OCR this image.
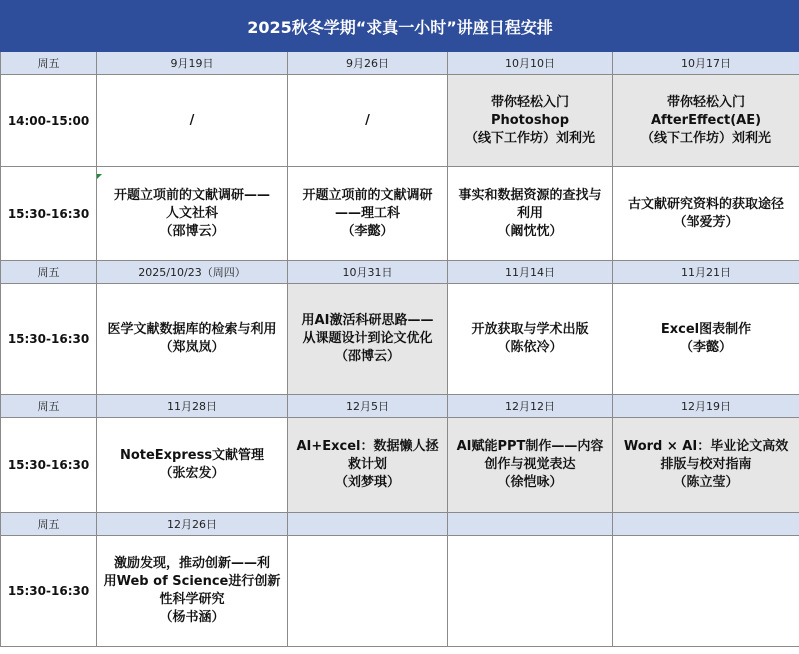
2025秋冬学期“求真一小时”讲座日程安排				
周五	9月19日	9月26日	10月10日	10月17日
14:00-15:00	/	/	带你轻松入门
Photoshop
（线下工作坊）刘利光	带你轻松入门
AfterEffect(AE)
（线下工作坊）刘利光

15:30-16:30	开题立项前的文献调研——
人文社科
（邵博云）	开题立项前的文献调研
——理工科
（李懿）	事实和数据资源的查找与
利用
（阚忱忱）	古文献研究资料的获取途径
（邹爱芳）

周五	2025/10/23（周四）	10月31日	11月14日	11月21日
15:30-16:30	医学文献数据库的检索与利用
（郑岚岚）	用AI激活科研思路——
从课题设计到论文优化
（邵博云）	开放获取与学术出版
（陈依冷）	Excel图表制作
（李懿）

周五	11月28日	12月5日	12月12日	12月19日
15:30-16:30	NoteExpress文献管理
（张宏发）	AI+Excel：数据懒人拯
救计划
（刘梦琪）	AI赋能PPT制作——内容
创作与视觉表达
（徐恺咏）	Word × AI：毕业论文高效
排版与校对指南
（陈立莹）

周五	12月26日			
15:30-16:30	激励发现，推动创新——利
用Web of Science进行创新
性科学研究
（杨书涵）			
